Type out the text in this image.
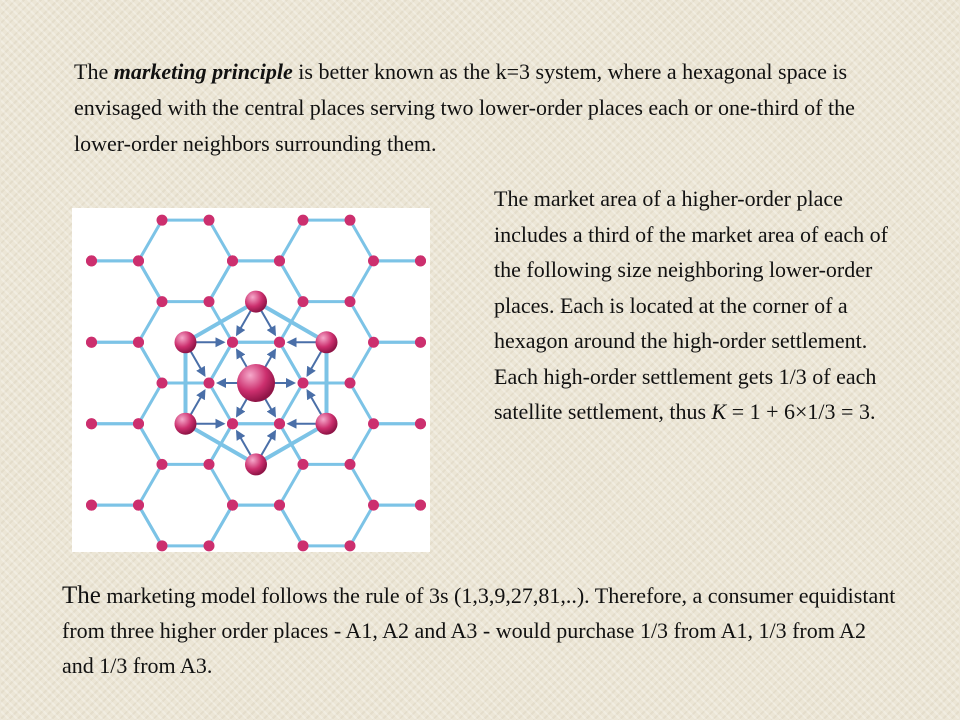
The marketing principle is better known as the k=3 system, where a hexagonal space is envisaged with the central places serving two lower-order places each or one-third of the lower-order neighbors surrounding them.

The market area of a higher-order place includes a third of the market area of each of the following size neighboring lower-order places. Each is located at the corner of a hexagon around the high-order settlement. Each high-order settlement gets 1/3 of each satellite settlement, thus K = 1 + 6×1/3 = 3.

The marketing model follows the rule of 3s (1,3,9,27,81,..). Therefore, a consumer equidistant from three higher order places - A1, A2 and A3 - would purchase 1/3 from A1, 1/3 from A2 and 1/3 from A3.
